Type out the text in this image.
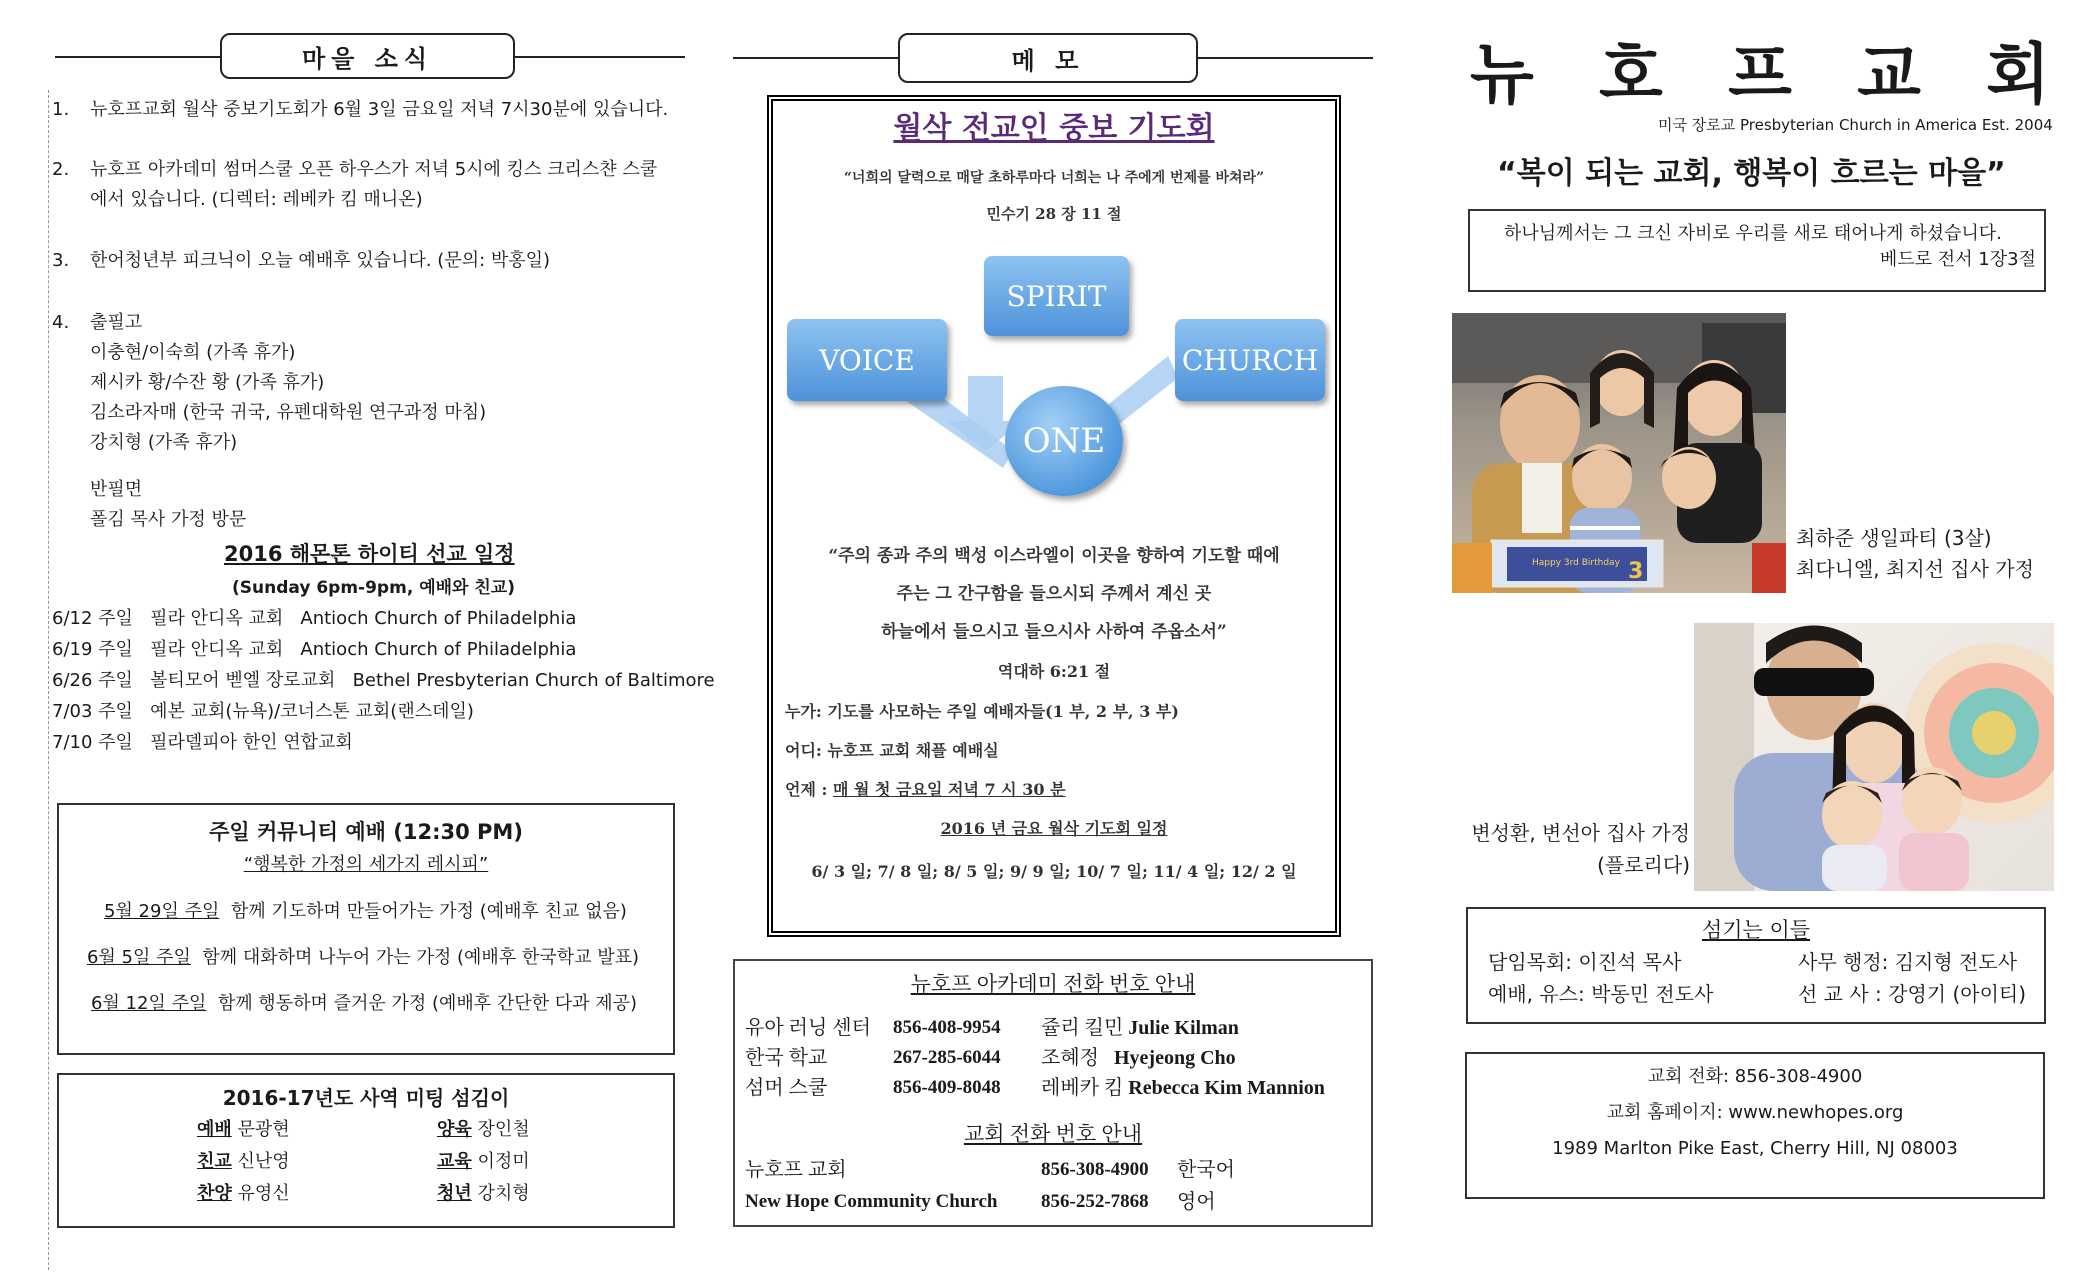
마을 소식
1.	뉴호프교회 월삭 중보기도회가 6월 3일 금요일 저녁 7시30분에 있습니다.
2.	뉴호프 아카데미 썸머스쿨 오픈 하우스가 저녁 5시에 킹스 크리스챤 스쿨
에서 있습니다. (디렉터: 레베카 킴 매니온)
3.	한어청년부 피크닉이 오늘 예배후 있습니다. (문의: 박홍일)
4.	출필고
이충현/이숙희 (가족 휴가)
제시카 황/수잔 황 (가족 휴가)
김소라자매 (한국 귀국, 유펜대학원 연구과정 마침)
강치형 (가족 휴가)
반필면
폴김 목사 가정 방문
2016 해몬톤 하이티 선교 일정
(Sunday 6pm-9pm, 예배와 친교)
6/12 주일   필라 안디옥 교회   Antioch Church of Philadelphia
6/19 주일   필라 안디옥 교회   Antioch Church of Philadelphia
6/26 주일   볼티모어 벧엘 장로교회   Bethel Presbyterian Church of Baltimore
7/03 주일   예본 교회(뉴욕)/코너스톤 교회(랜스데일)
7/10 주일   필라델피아 한인 연합교회
주일 커뮤니티 예배 (12:30 PM)
“행복한 가정의 세가지 레시피”
5월 29일 주일 함께 기도하며 만들어가는 가정 (예배후 친교 없음)
6월 5일 주일 함께 대화하며 나누어 가는 가정 (예배후 한국학교 발표)
6월 12일 주일 함께 행동하며 즐거운 가정 (예배후 간단한 다과 제공)
2016-17년도 사역 미팅 섬김이
예배 문광현	양육 장인철
친교 신난영	교육 이정미
찬양 유영신	청년 강치형
메 모
월삭 전교인 중보 기도회
“너희의 달력으로 매달 초하루마다 너희는 나 주에게 번제를 바쳐라”
민수기 28 장 11 절
SPIRIT
VOICE	CHURCH
ONE
“주의 종과 주의 백성 이스라엘이 이곳을 향하여 기도할 때에
주는 그 간구함을 들으시되 주께서 계신 곳
하늘에서 들으시고 들으시사 사하여 주옵소서”
역대하 6:21 절
누가: 기도를 사모하는 주일 예배자들(1 부, 2 부, 3 부)
어디: 뉴호프 교회 채플 예배실
언제 : 매 월 첫 금요일 저녁 7 시 30 분
2016 년 금요 월삭 기도회 일정
6/ 3 일; 7/ 8 일; 8/ 5 일; 9/ 9 일; 10/ 7 일; 11/ 4 일; 12/ 2 일
뉴호프 아카데미 전화 번호 안내
유아 러닝 센터 856-408-9954 쥴리 킬민 Julie Kilman
한국 학교	267-285-6044 조혜정 Hyejeong Cho
섬머 스쿨	856-409-8048 레베카 킴 Rebecca Kim Mannion
교회 전화 번호 안내
뉴호프 교회	856-308-4900 한국어
New Hope Community Church 856-252-7868 영어
뉴 호 프 교 회
미국 장로교 Presbyterian Church in America Est. 2004
“복이 되는 교회, 행복이 흐르는 마을”
하나님께서는 그 크신 자비로 우리를 새로 태어나게 하셨습니다.
베드로 전서 1장3절
Happy 3rd Birthday 3
최하준 생일파티 (3살)
최다니엘, 최지선 집사 가정
변성환, 변선아 집사 가정
(플로리다)
섬기는 이들
담임목회: 이진석 목사	사무 행정: 김지형 전도사
예배, 유스: 박동민 전도사	선 교 사 : 강영기 (아이티)
교회 전화: 856-308-4900
교회 홈페이지: www.newhopes.org
1989 Marlton Pike East, Cherry Hill, NJ 08003
